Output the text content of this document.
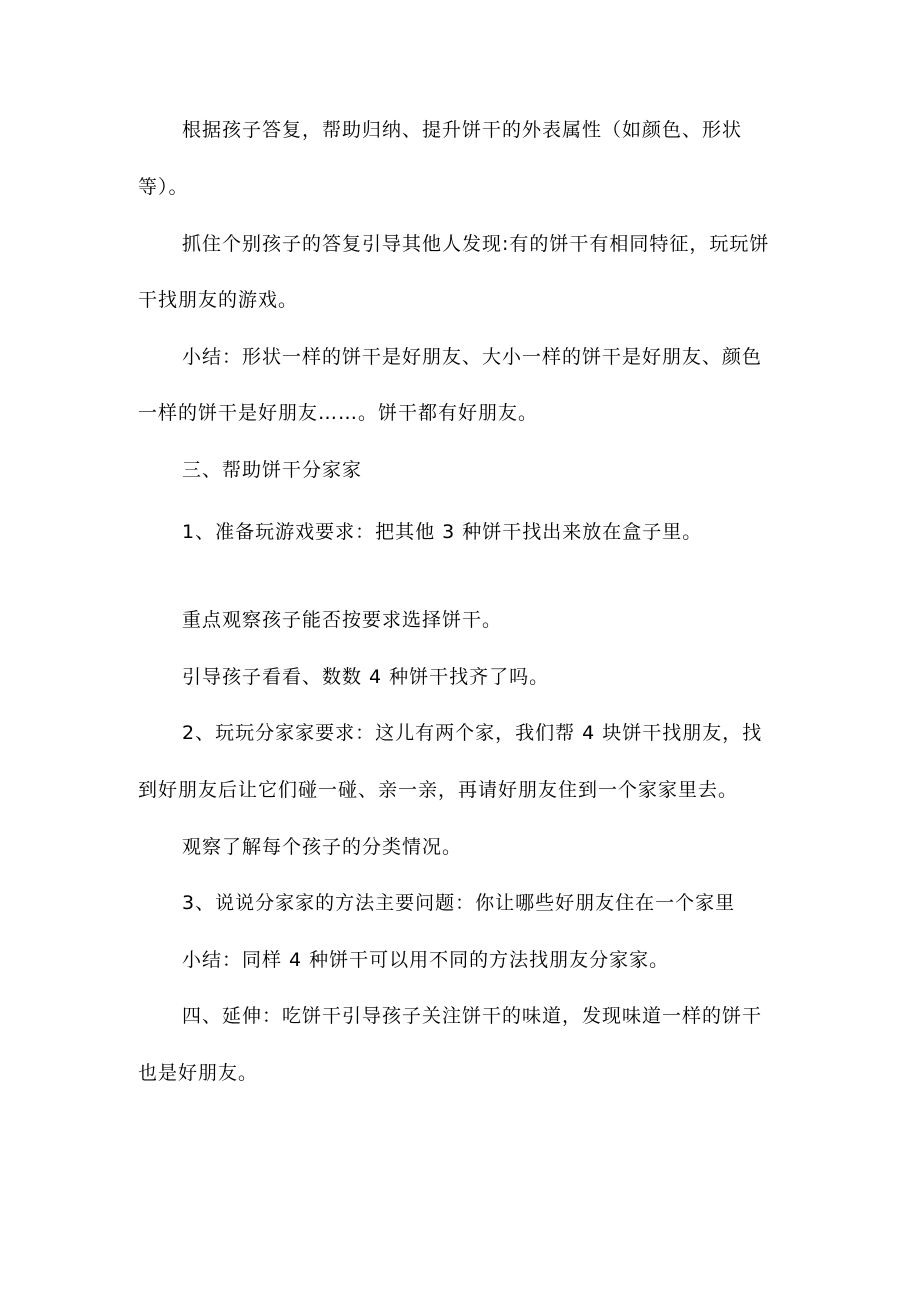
根据孩子答复，帮助归纳、提升饼干的外表属性（如颜色、形状
等）。
抓住个别孩子的答复引导其他人发现:有的饼干有相同特征，玩玩饼
干找朋友的游戏。
小结：形状一样的饼干是好朋友、大小一样的饼干是好朋友、颜色
一样的饼干是好朋友……。饼干都有好朋友。
三、帮助饼干分家家
1、准备玩游戏要求：把其他 3 种饼干找出来放在盒子里。
重点观察孩子能否按要求选择饼干。
引导孩子看看、数数 4 种饼干找齐了吗。
2、玩玩分家家要求：这儿有两个家，我们帮 4 块饼干找朋友，找
到好朋友后让它们碰一碰、亲一亲，再请好朋友住到一个家家里去。
观察了解每个孩子的分类情况。
3、说说分家家的方法主要问题：你让哪些好朋友住在一个家里
小结：同样 4 种饼干可以用不同的方法找朋友分家家。
四、延伸：吃饼干引导孩子关注饼干的味道，发现味道一样的饼干
也是好朋友。
